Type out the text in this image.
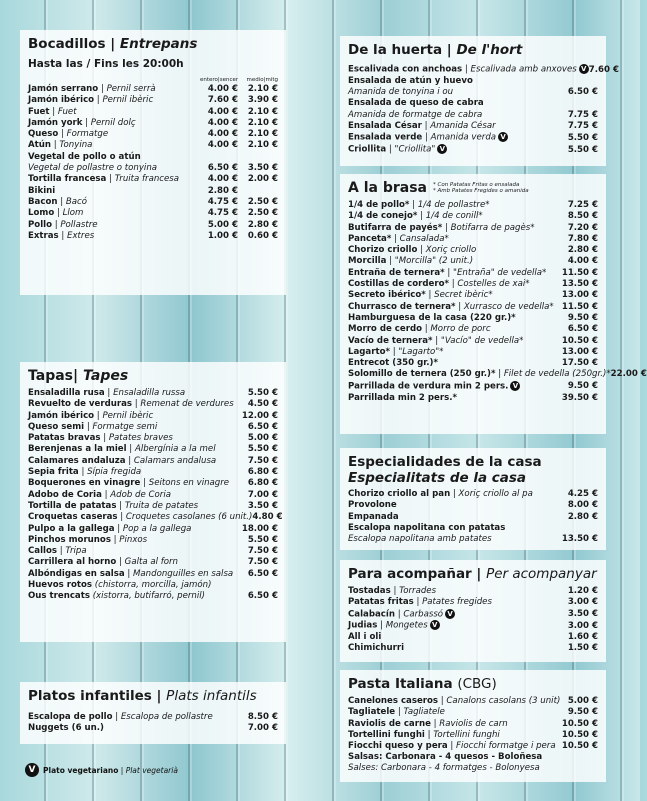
Bocadillos | Entrepans
Hasta las / Fins les 20:00h
entero|sencer	medio|mitg
Jamón serrano | Pernil serrà	4.00 €	2.10 €
Jamón ibérico | Pernil ibèric	7.60 €	3.90 €
Fuet | Fuet	4.00 €	2.10 €
Jamón york | Pernil dolç	4.00 €	2.10 €
Queso | Formatge	4.00 €	2.10 €
Atún | Tonyina	4.00 €	2.10 €
Vegetal de pollo o atún
Vegetal de pollastre o tonyina	6.50 €	3.50 €
Tortilla francesa | Truita francesa	4.00 €	2.00 €
Bikini	2.80 €
Bacon | Bacó	4.75 €	2.50 €
Lomo | Llom	4.75 €	2.50 €
Pollo | Pollastre	5.00 €	2.80 €
Extras | Extres	1.00 €	0.60 €
Tapas| Tapes
Ensaladilla rusa | Ensaladilla russa	5.50 €
Revuelto de verduras | Remenat de verdures	4.50 €
Jamón ibérico | Pernil ibèric	12.00 €
Queso semi | Formatge semi	6.50 €
Patatas bravas | Patates braves	5.00 €
Berenjenas a la miel | Albergínia a la mel	5.50 €
Calamares andaluza | Calamars andalusa	7.50 €
Sepia frita | Sípia fregida	6.80 €
Boquerones en vinagre | Seitons en vinagre	6.80 €
Adobo de Coria | Adob de Coria	7.00 €
Tortilla de patatas | Truita de patates	3.50 €
Croquetas caseras | Croquetes casolanes (6 unit.) 4.80 €
Pulpo a la gallega | Pop a la gallega	18.00 €
Pinchos morunos | Pinxos	5.50 €
Callos | Tripa	7.50 €
Carrillera al horno | Galta al forn	7.50 €
Albóndigas en salsa | Mandonguilles en salsa	6.50 €
Huevos rotos (chistorra, morcilla, jamón)
Ous trencats (xistorra, butifarró, pernil)	6.50 €
Platos infantiles | Plats infantils
Escalopa de pollo | Escalopa de pollastre	8.50 €
Nuggets (6 un.)	7.00 €
V	Plato vegetariano | Plat vegetarià
De la huerta | De l'hort
Escalivada con anchoas | Escalivada amb anxoves V 7.60 €
Ensalada de atún y huevo
Amanida de tonyina i ou	6.50 €
Ensalada de queso de cabra
Amanida de formatge de cabra	7.75 €
Ensalada César | Amanida César	7.75 €
Ensalada verde | Amanida verda V	5.50 €
Criollita | "Criollita" V	5.50 €
A la brasa * Con Patatas Fritas o ensalada
* Amb Patates Fregides o amanida
1/4 de pollo* | 1/4 de pollastre*	7.25 €
1/4 de conejo* | 1/4 de conill*	8.50 €
Butifarra de payés* | Botifarra de pagès*	7.20 €
Panceta* | Cansalada*	7.80 €
Chorizo criollo | Xoriç criollo	2.80 €
Morcilla | "Morcilla" (2 unit.)	4.00 €
Entraña de ternera* | "Entraña" de vedella*	11.50 €
Costillas de cordero* | Costelles de xai*	13.50 €
Secreto ibérico* | Secret ibèric*	13.00 €
Churrasco de ternera* | Xurrasco de vedella* 11.50 €
Hamburguesa de la casa (220 gr.)*	9.50 €
Morro de cerdo | Morro de porc	6.50 €
Vacío de ternera* | "Vacío" de vedella*	10.50 €
Lagarto* | "Lagarto"*	13.00 €
Entrecot (350 gr.)*	17.50 €
Solomillo de ternera (250 gr.)* | Filet de vedella (250gr.)* 22.00 €
Parrillada de verdura min 2 pers. V	9.50 €
Parrillada min 2 pers.*	39.50 €
Especialidades de la casa
Especialitats de la casa
Chorizo criollo al pan | Xoriç criollo al pa	4.25 €
Provolone	8.00 €
Empanada	2.80 €
Escalopa napolitana con patatas
Escalopa napolitana amb patates	13.50 €
Para acompañar | Per acompanyar
Tostadas | Torrades	1.20 €
Patatas fritas | Patates fregides	3.00 €
Calabacín | Carbassó V	3.50 €
Judias | Mongetes V	3.00 €
All i oli	1.60 €
Chimichurri	1.50 €
Pasta Italiana (CBG)
Canelones caseros | Canalons casolans (3 unit) 5.00 €
Tagliatele | Tagliatele	9.50 €
Raviolis de carne | Raviolis de carn	10.50 €
Tortellini funghi | Tortellini funghi	10.50 €
Fiocchi queso y pera | Fiocchi formatge i pera 10.50 €
Salsas: Carbonara - 4 quesos - Boloñesa
Salses: Carbonara - 4 formatges - Bolonyesa
